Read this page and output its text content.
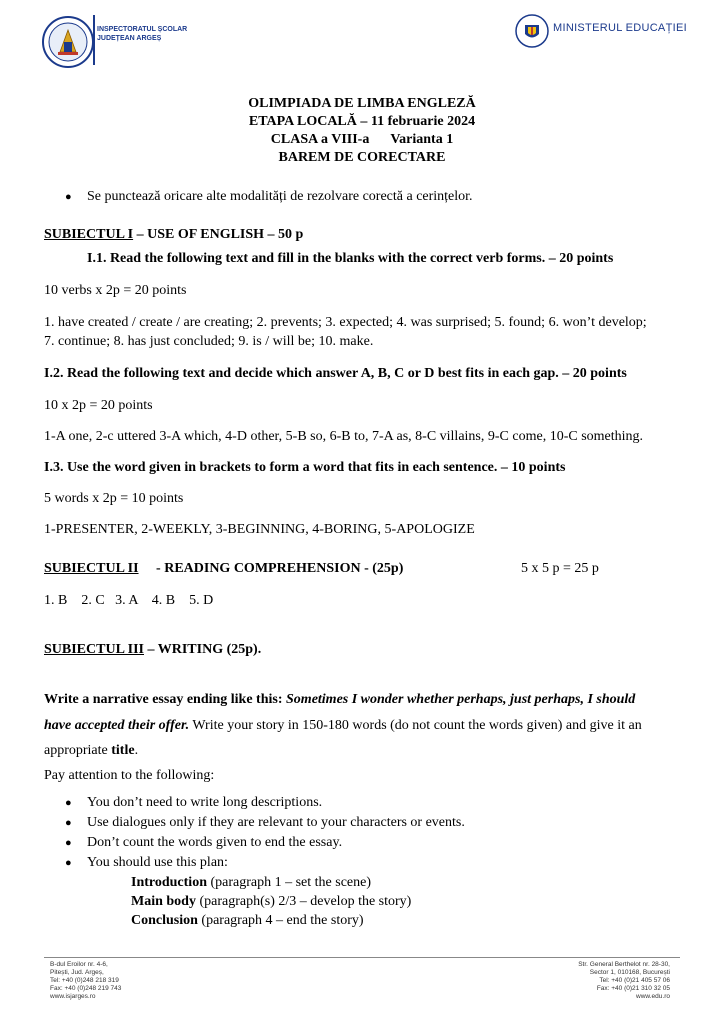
INSPECTORATUL ȘCOLAR
JUDEȚEAN ARGEȘ
MINISTERUL EDUCAȚIEI
OLIMPIADA DE LIMBA ENGLEZĂ
ETAPA LOCALĂ – 11 februarie 2024
CLASA a VIII-a Varianta 1
BAREM DE CORECTARE
● Se punctează oricare alte modalități de rezolvare corectă a cerințelor.
SUBIECTUL I – USE OF ENGLISH – 50 p
I.1. Read the following text and fill in the blanks with the correct verb forms. – 20 points
10 verbs x 2p = 20 points
1. have created / create / are creating; 2. prevents; 3. expected; 4. was surprised; 5. found; 6. won’t develop;
7. continue; 8. has just concluded; 9. is / will be; 10. make.
I.2. Read the following text and decide which answer A, B, C or D best fits in each gap. – 20 points
10 x 2p = 20 points
1-A one, 2-c uttered 3-A which, 4-D other, 5-B so, 6-B to, 7-A as, 8-C villains, 9-C come, 10-C something.
I.3. Use the word given in brackets to form a word that fits in each sentence. – 10 points
5 words x 2p = 10 points
1-PRESENTER, 2-WEEKLY, 3-BEGINNING, 4-BORING, 5-APOLOGIZE
SUBIECTUL II - READING COMPREHENSION - (25p)	5 x 5 p = 25 p
1. B    2. C   3. A    4. B    5. D
SUBIECTUL III – WRITING (25p).
Write a narrative essay ending like this: Sometimes I wonder whether perhaps, just perhaps, I should
have accepted their offer. Write your story in 150-180 words (do not count the words given) and give it an
appropriate title.
Pay attention to the following:
● You don’t need to write long descriptions.
● Use dialogues only if they are relevant to your characters or events.
● Don’t count the words given to end the essay.
● You should use this plan:
Introduction (paragraph 1 – set the scene)
Main body (paragraph(s) 2/3 – develop the story)
Conclusion (paragraph 4 – end the story)
B-dul Eroilor nr. 4-6,
Pitești, Jud. Argeș,
Tel: +40 (0)248 218 319
Fax: +40 (0)248 219 743
www.isjarges.ro
Str. General Berthelot nr. 28-30,
Sector 1, 010168, București
Tel: +40 (0)21 405 57 06
Fax: +40 (0)21 310 32 05
www.edu.ro
